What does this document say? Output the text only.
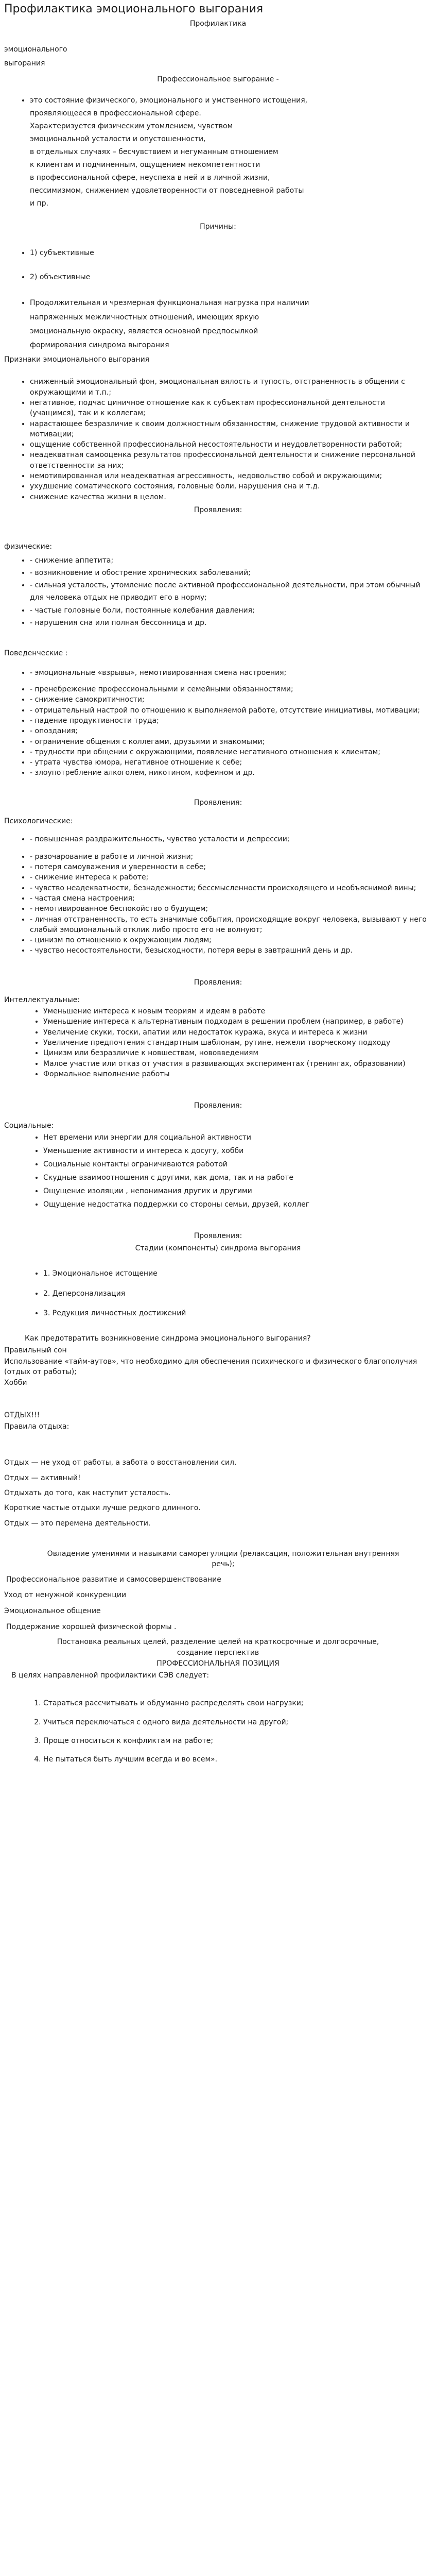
Профилактика эмоционального выгорания
Профилактика
эмоционального
выгорания
Профессиональное выгорание -
• это состояние физического, эмоционального и умственного истощения,
проявляющееся в профессиональной сфере.
Характеризуется физическим утомлением, чувством
эмоциональной усталости и опустошенности,
в отдельных случаях – бесчувствием и негуманным отношением
к клиентам и подчиненным, ощущением некомпетентности
в профессиональной сфере, неуспеха в ней и в личной жизни,
пессимизмом, снижением удовлетворенности от повседневной работы
и пр.
Причины:
• 1) субъективные
• 2) объективные
• Продолжительная и чрезмерная функциональная нагрузка при наличии
напряженных межличностных отношений, имеющих яркую
эмоциональную окраску, является основной предпосылкой
формирования синдрома выгорания
Признаки эмоционального выгорания
• сниженный эмоциональный фон, эмоциональная вялость и тупость, отстраненность в общении с окружающими и т.п.;
• негативное, подчас циничное отношение как к субъектам профессиональной деятельности (учащимся), так и к коллегам;
• нарастающее безразличие к своим должностным обязанностям, снижение трудовой активности и мотивации;
• ощущение собственной профессиональной несостоятельности и неудовлетворенности работой;
• неадекватная самооценка результатов профессиональной деятельности и снижение персональной ответственности за них;
• немотивированная или неадекватная агрессивность, недовольство собой и окружающими;
• ухудшение соматического состояния, головные боли, нарушения сна и т.д.
• снижение качества жизни в целом.
Проявления:
физические:
• - снижение аппетита;
• - возникновение и обострение хронических заболеваний;
• - сильная усталость, утомление после активной профессиональной деятельности, при этом обычный для человека отдых не приводит его в норму;
• - частые головные боли, постоянные колебания давления;
• - нарушения сна или полная бессонница и др.
Поведенческие :
• - эмоциональные «взрывы», немотивированная смена настроения;
• - пренебрежение профессиональными и семейными обязанностями;
• - снижение самокритичности;
• - отрицательный настрой по отношению к выполняемой работе, отсутствие инициативы, мотивации;
• - падение продуктивности труда;
• - опоздания;
• - ограничение общения с коллегами, друзьями и знакомыми;
• - трудности при общении с окружающими, появление негативного отношения к клиентам;
• - утрата чувства юмора, негативное отношение к себе;
• - злоупотребление алкоголем, никотином, кофеином и др.
Проявления:
Психологические:
• - повышенная раздражительность, чувство усталости и депрессии;
• - разочарование в работе и личной жизни;
• - потеря самоуважения и уверенности в себе;
• - снижение интереса к работе;
• - чувство неадекватности, безнадежности; бессмысленности происходящего и необъяснимой вины;
• - частая смена настроения;
• - немотивированное беспокойство о будущем;
• - личная отстраненность, то есть значимые события, происходящие вокруг человека, вызывают у него слабый эмоциональный отклик либо просто его не волнуют;
• - цинизм по отношению к окружающим людям;
• - чувство несостоятельности, безысходности, потеря веры в завтрашний день и др.
Проявления:
Интеллектуальные:
• Уменьшение интереса к новым теориям и идеям в работе
• Уменьшение интереса к альтернативным подходам в решении проблем (например, в работе)
• Увеличение скуки, тоски, апатии или недостаток куража, вкуса и интереса к жизни
• Увеличение предпочтения стандартным шаблонам, рутине, нежели творческому подходу
• Цинизм или безразличие к новшествам, нововведениям
• Малое участие или отказ от участия в развивающих экспериментах (тренингах, образовании)
• Формальное выполнение работы
Проявления:
Социальные:
• Нет времени или энергии для социальной активности
• Уменьшение активности и интереса к досугу, хобби
• Социальные контакты ограничиваются работой
• Скудные взаимоотношения с другими, как дома, так и на работе
• Ощущение изоляции , непонимания других и другими
• Ощущение недостатка поддержки со стороны семьи, друзей, коллег
Проявления:
Стадии (компоненты) синдрома выгорания
• 1. Эмоциональное истощение
• 2. Деперсонализация
• 3. Редукция личностных достижений
Как предотвратить возникновение синдрома эмоционального выгорания?
Правильный сон
Использование «тайм-аутов», что необходимо для обеспечения психического и физического благополучия (отдых от работы);
Хобби
ОТДЫХ!!!
Правила отдыха:
Отдых — не уход от работы, а забота о восстановлении сил.
Отдых — активный!
Отдыхать до того, как наступит усталость.
Короткие частые отдыхи лучше редкого длинного.
Отдых — это перемена деятельности.
Овладение умениями и навыками саморегуляции (релаксация, положительная внутренняя речь);
Профессиональное развитие и самосовершенствование
Уход от ненужной конкуренции
Эмоциональное общение
Поддержание хорошей физической формы .
Постановка реальных целей, разделение целей на краткосрочные и долгосрочные, создание перспектив
ПРОФЕССИОНАЛЬНАЯ ПОЗИЦИЯ
В целях направленной профилактики СЭВ следует:
1. Стараться рассчитывать и обдуманно распределять свои нагрузки;
2. Учиться переключаться с одного вида деятельности на другой;
3. Проще относиться к конфликтам на работе;
4. Не пытаться быть лучшим всегда и во всем».
